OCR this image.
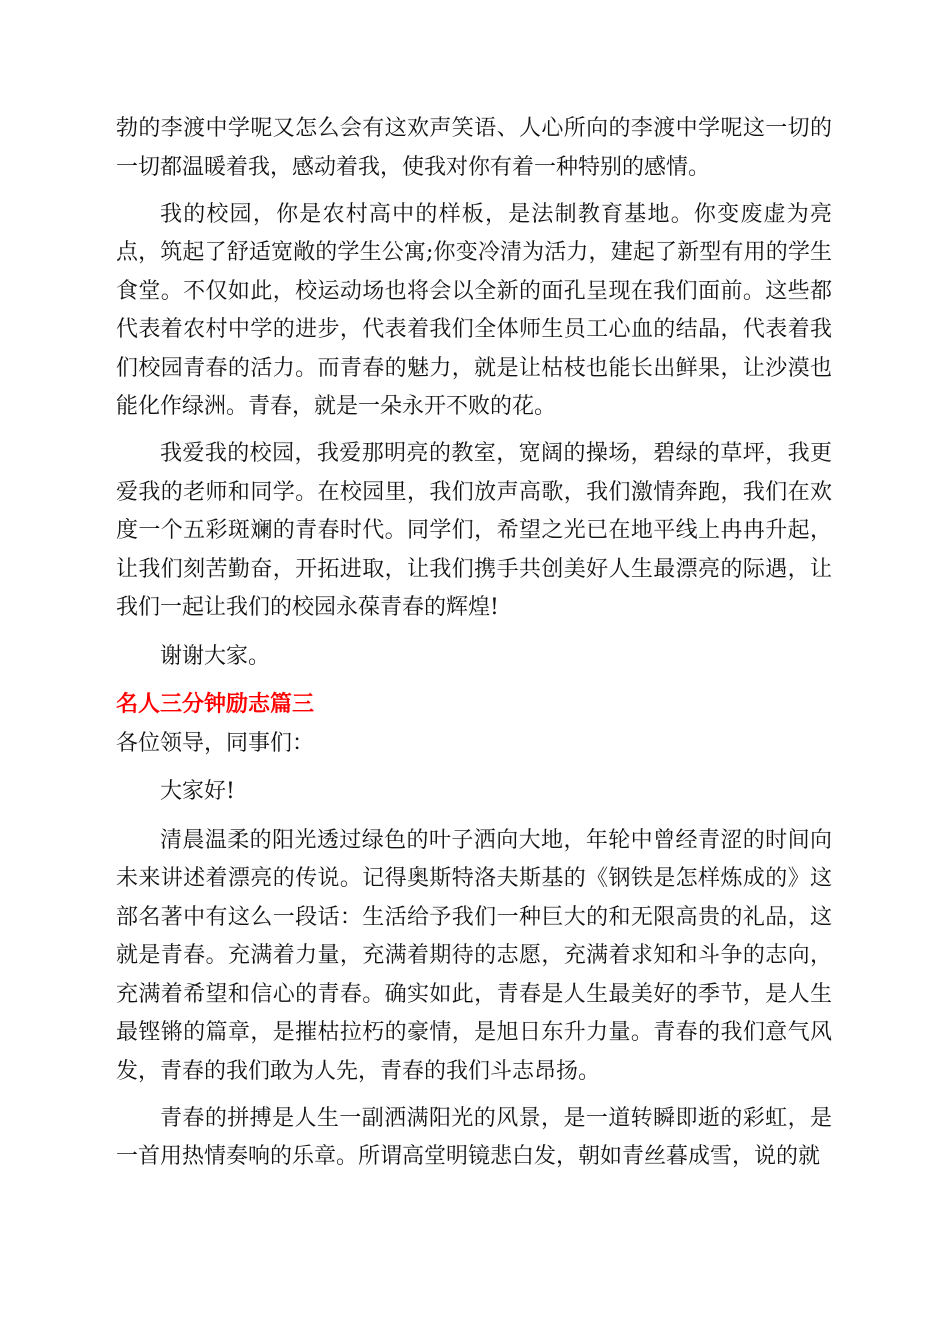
勃的李渡中学呢又怎么会有这欢声笑语、人心所向的李渡中学呢这一切的一切都温暖着我，感动着我，使我对你有着一种特别的感情。

我的校园，你是农村高中的样板，是法制教育基地。你变废虚为亮点，筑起了舒适宽敞的学生公寓;你变冷清为活力，建起了新型有用的学生食堂。不仅如此，校运动场也将会以全新的面孔呈现在我们面前。这些都代表着农村中学的进步，代表着我们全体师生员工心血的结晶，代表着我们校园青春的活力。而青春的魅力，就是让枯枝也能长出鲜果，让沙漠也能化作绿洲。青春，就是一朵永开不败的花。

我爱我的校园，我爱那明亮的教室，宽阔的操场，碧绿的草坪，我更爱我的老师和同学。在校园里，我们放声高歌，我们激情奔跑，我们在欢度一个五彩斑斓的青春时代。同学们，希望之光已在地平线上冉冉升起，让我们刻苦勤奋，开拓进取，让我们携手共创美好人生最漂亮的际遇，让我们一起让我们的校园永葆青春的辉煌!

谢谢大家。

名人三分钟励志篇三

各位领导，同事们：

大家好!

清晨温柔的阳光透过绿色的叶子洒向大地，年轮中曾经青涩的时间向未来讲述着漂亮的传说。记得奥斯特洛夫斯基的《钢铁是怎样炼成的》这部名著中有这么一段话：生活给予我们一种巨大的和无限高贵的礼品，这就是青春。充满着力量，充满着期待的志愿，充满着求知和斗争的志向，充满着希望和信心的青春。确实如此，青春是人生最美好的季节，是人生最铿锵的篇章，是摧枯拉朽的豪情，是旭日东升力量。青春的我们意气风发，青春的我们敢为人先，青春的我们斗志昂扬。

青春的拼搏是人生一副洒满阳光的风景，是一道转瞬即逝的彩虹，是一首用热情奏响的乐章。所谓高堂明镜悲白发，朝如青丝暮成雪，说的就
